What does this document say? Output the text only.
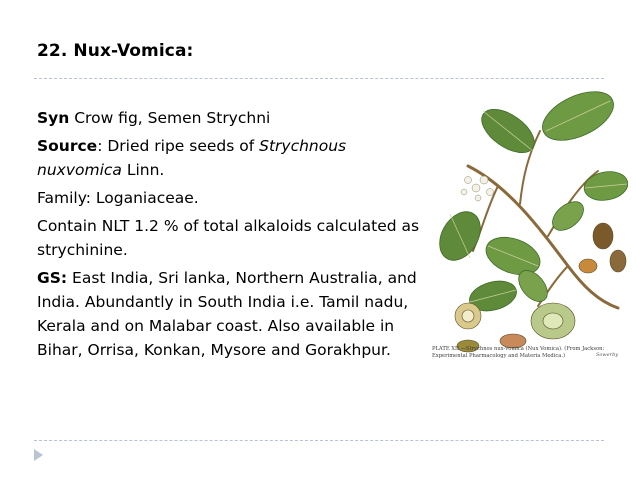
22. Nux-Vomica:

Syn Crow fig, Semen Strychni

Source: Dried ripe seeds of Strychnous nuxvomica Linn.

Family: Loganiaceae.

Contain NLT 1.2 % of total alkaloids calculated as strychinine.

GS: East India, Sri lanka, Northern Australia, and India. Abundantly in South India i.e. Tamil nadu, Kerala and on Malabar coast. Also available in Bihar, Orrisa, Konkan, Mysore and Gorakhpur.	Sowerby
PLATE XII.—Strychnos nux-vomica (Nux Vomica). (From Jackson:
Experimental Pharmacology and Materia Medica.)
